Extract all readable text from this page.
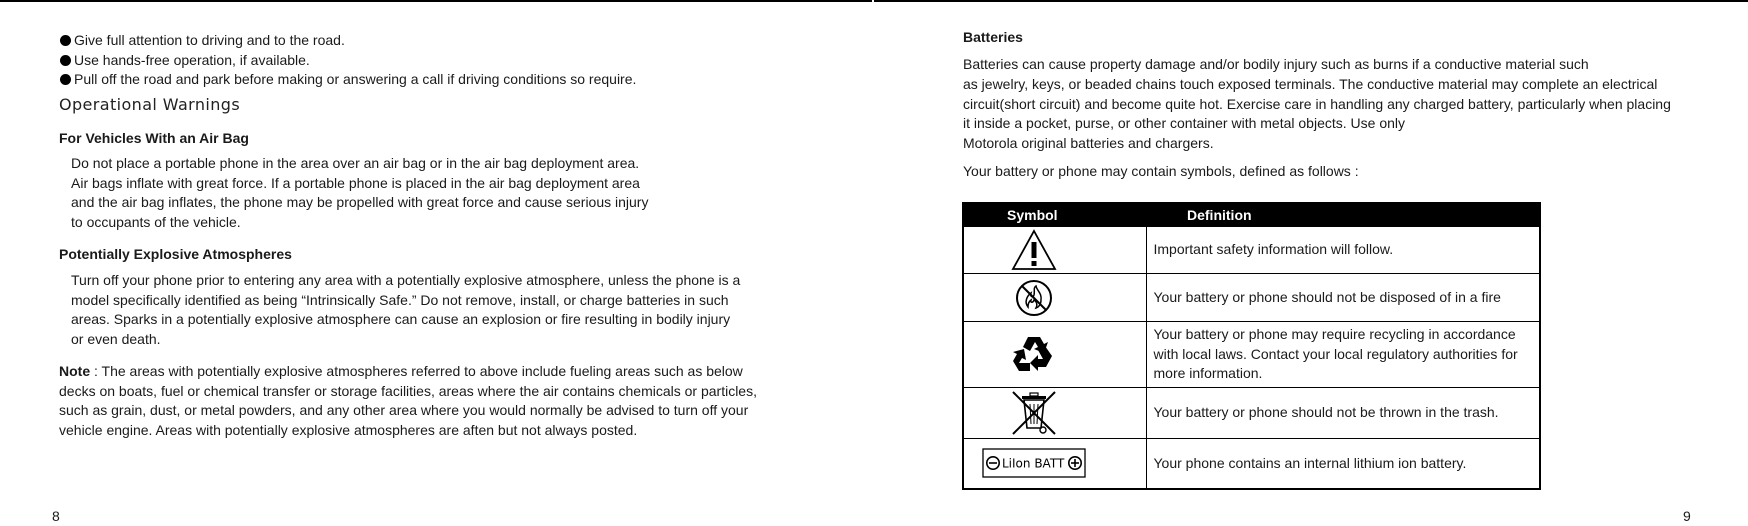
Give full attention to driving and to the road.
Use hands-free operation, if available.
Pull off the road and park before making or answering a call if driving conditions so require.
Operational Warnings
For Vehicles With an Air Bag

Do not place a portable phone in the area over an air bag or in the air bag deployment area.
Air bags inflate with great force. If a portable phone is placed in the air bag deployment area
and the air bag inflates, the phone may be propelled with great force and cause serious injury
to occupants of the vehicle.

Potentially Explosive Atmospheres

Turn off your phone prior to entering any area with a potentially explosive atmosphere, unless the phone is a
model specifically identified as being “Intrinsically Safe.” Do not remove, install, or charge batteries in such
areas. Sparks in a potentially explosive atmosphere can cause an explosion or fire resulting in bodily injury
or even death.

Note : The areas with potentially explosive atmospheres referred to above include fueling areas such as below
decks on boats, fuel or chemical transfer or storage facilities, areas where the air contains chemicals or particles,
such as grain, dust, or metal powders, and any other area where you would normally be advised to turn off your
vehicle engine. Areas with potentially explosive atmospheres are aften but not always posted.

8
Batteries

Batteries can cause property damage and/or bodily injury such as burns if a conductive material such
as jewelry, keys, or beaded chains touch exposed terminals. The conductive material may complete an electrical
circuit(short circuit) and become quite hot. Exercise care in handling any charged battery, particularly when placing
it inside a pocket, purse, or other container with metal objects. Use only
Motorola original batteries and chargers.

Your battery or phone may contain symbols, defined as follows :

Symbol	Definition

Important safety information will follow.

Your battery or phone should not be disposed of in a fire

Your battery or phone may require recycling in accordance
with local laws. Contact your local regulatory authorities for
more information.

Your battery or phone should not be thrown in the trash.

LiIon BATT	Your phone contains an internal lithium ion battery.
9
